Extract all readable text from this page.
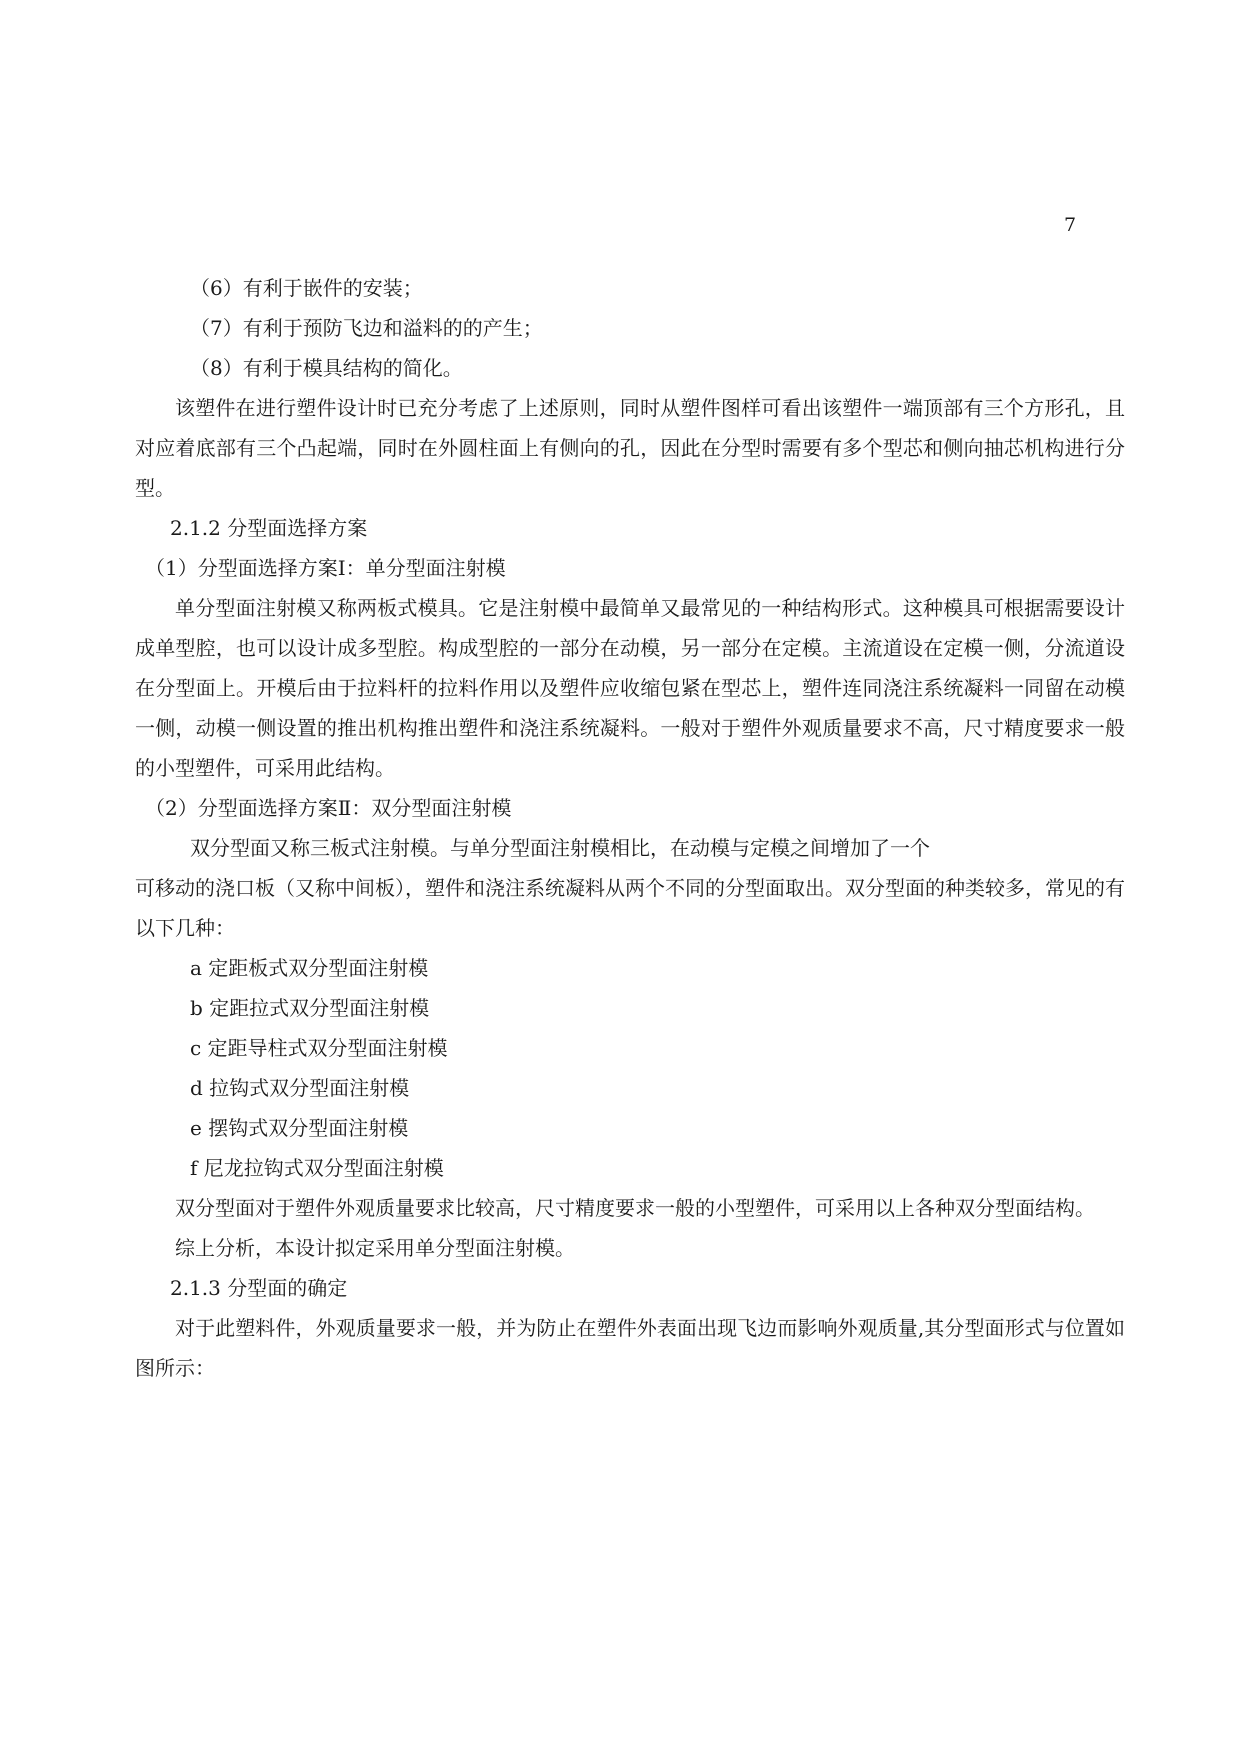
7
（6）有利于嵌件的安装；
（7）有利于预防飞边和溢料的的产生；
（8）有利于模具结构的简化。

该塑件在进行塑件设计时已充分考虑了上述原则，同时从塑件图样可看出该塑件一端顶部有三个方形孔，且对应着底部有三个凸起端，同时在外圆柱面上有侧向的孔，因此在分型时需要有多个型芯和侧向抽芯机构进行分型。

2.1.2 分型面选择方案
（1）分型面选择方案Ⅰ：单分型面注射模

单分型面注射模又称两板式模具。它是注射模中最简单又最常见的一种结构形式。这种模具可根据需要设计成单型腔，也可以设计成多型腔。构成型腔的一部分在动模，另一部分在定模。主流道设在定模一侧，分流道设在分型面上。开模后由于拉料杆的拉料作用以及塑件应收缩包紧在型芯上，塑件连同浇注系统凝料一同留在动模一侧，动模一侧设置的推出机构推出塑件和浇注系统凝料。一般对于塑件外观质量要求不高，尺寸精度要求一般的小型塑件，可采用此结构。

（2）分型面选择方案Ⅱ：双分型面注射模
双分型面又称三板式注射模。与单分型面注射模相比，在动模与定模之间增加了一个

可移动的浇口板（又称中间板），塑件和浇注系统凝料从两个不同的分型面取出。双分型面的种类较多，常见的有以下几种：

a 定距板式双分型面注射模
b 定距拉式双分型面注射模
c 定距导柱式双分型面注射模
d 拉钩式双分型面注射模
e 摆钩式双分型面注射模
f 尼龙拉钩式双分型面注射模

双分型面对于塑件外观质量要求比较高，尺寸精度要求一般的小型塑件，可采用以上各种双分型面结构。

综上分析，本设计拟定采用单分型面注射模。

2.1.3 分型面的确定

对于此塑料件，外观质量要求一般，并为防止在塑件外表面出现飞边而影响外观质量,其分型面形式与位置如图所示：
